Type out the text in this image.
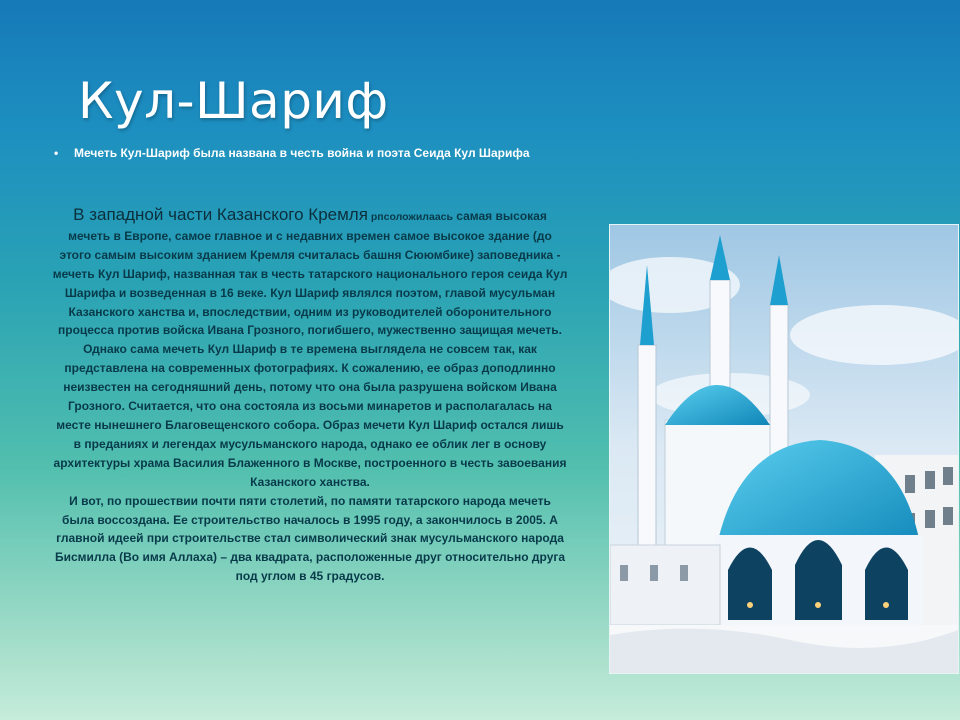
Кул-Шариф
• Мечеть Кул-Шариф была названа в честь война и поэта Сеида Кул Шарифа

В западной части Казанского Кремля рпсоложилаась самая высокая мечеть в Европе, самое главное и с недавних времен самое высокое здание (до этого самым высоким зданием Кремля считалась башня Сююмбике) заповедника - мечеть Кул Шариф, названная так в честь татарского национального героя сеида Кул Шарифа и возведенная в 16 веке. Кул Шариф являлся поэтом, главой мусульман Казанского ханства и, впоследствии, одним из руководителей оборонительного процесса против войска Ивана Грозного, погибшего, мужественно защищая мечеть. Однако сама мечеть Кул Шариф в те времена выглядела не совсем так, как представлена на современных фотографиях. К сожалению, ее образ доподлинно неизвестен на сегодняшний день, потому что она была разрушена войском Ивана Грозного. Считается, что она состояла из восьми минаретов и располагалась на месте нынешнего Благовещенского собора. Образ мечети Кул Шариф остался лишь в преданиях и легендах мусульманского народа, однако ее облик лег в основу архитектуры храма Василия Блаженного в Москве, построенного в честь завоевания Казанского ханства.

И вот, по прошествии почти пяти столетий, по памяти татарского народа мечеть была воссоздана. Ее строительство началось в 1995 году, а закончилось в 2005. А главной идеей при строительстве стал символический знак мусульманского народа Бисмилла (Во имя Аллаха) – два квадрата, расположенные друг относительно друга под углом в 45 градусов.
